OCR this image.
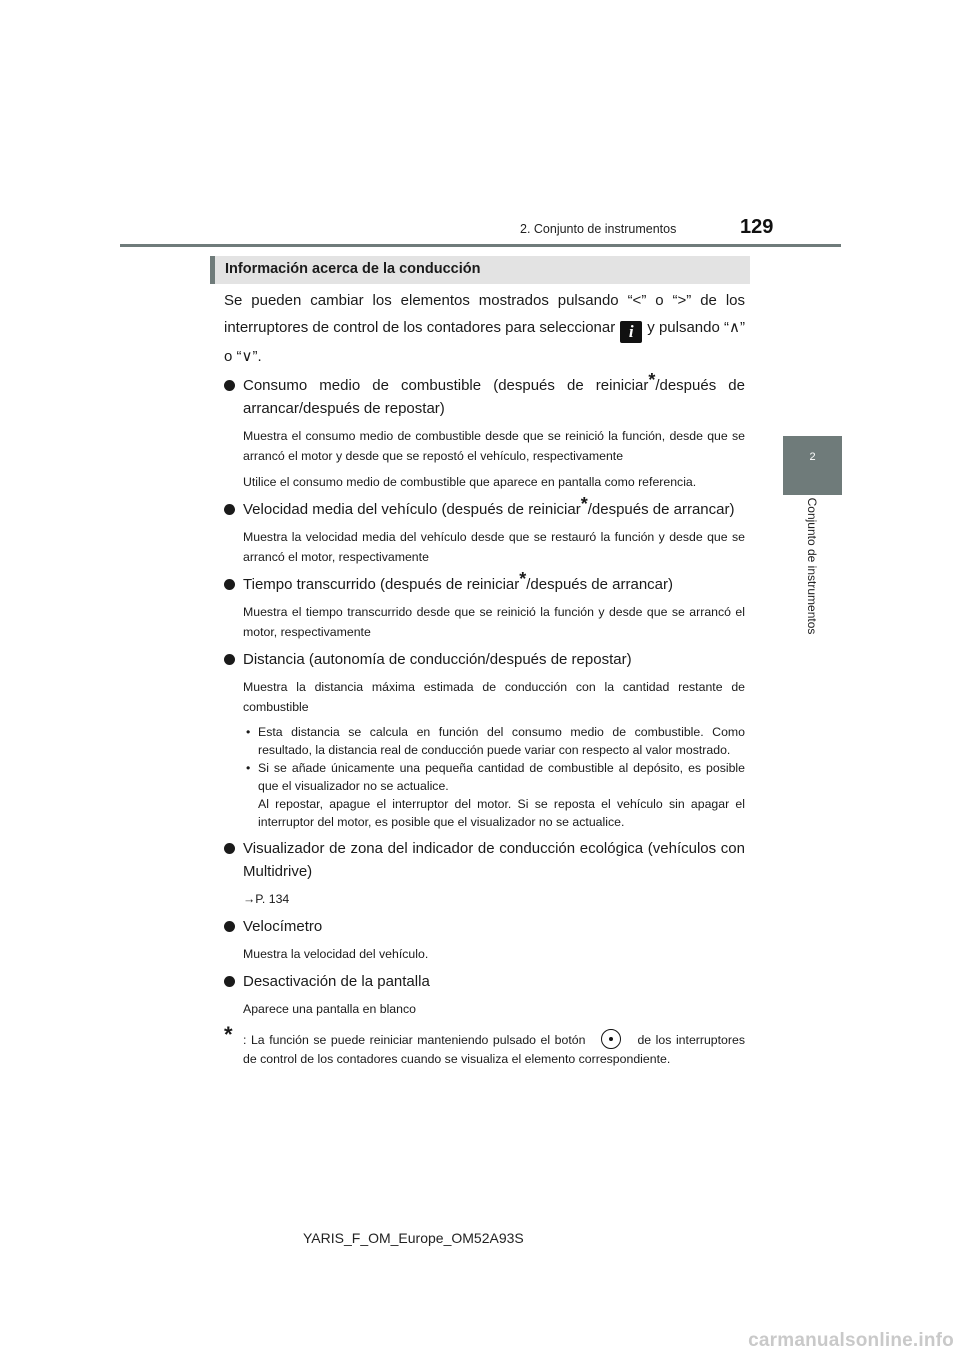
2. Conjunto de instrumentos	129
2
Conjunto de instrumentos
Información acerca de la conducción

Se pueden cambiar los elementos mostrados pulsando “<” o “>” de los interruptores de control de los contadores para seleccionar i y pulsando “∧” o “∨”.

Consumo medio de combustible (después de reiniciar*/después de arrancar/después de repostar)
Muestra el consumo medio de combustible desde que se reinició la función, desde que se arrancó el motor y desde que se repostó el vehículo, respectivamente
Utilice el consumo medio de combustible que aparece en pantalla como referencia.
Velocidad media del vehículo (después de reiniciar*/después de arrancar)
Muestra la velocidad media del vehículo desde que se restauró la función y desde que se arrancó el motor, respectivamente
Tiempo transcurrido (después de reiniciar*/después de arrancar)
Muestra el tiempo transcurrido desde que se reinició la función y desde que se arrancó el motor, respectivamente
Distancia (autonomía de conducción/después de repostar)
Muestra la distancia máxima estimada de conducción con la cantidad restante de combustible
• Esta distancia se calcula en función del consumo medio de combustible. Como resultado, la distancia real de conducción puede variar con respecto al valor mostrado.
• Si se añade únicamente una pequeña cantidad de combustible al depósito, es posible que el visualizador no se actualice.
Al repostar, apague el interruptor del motor. Si se reposta el vehículo sin apagar el interruptor del motor, es posible que el visualizador no se actualice.
Visualizador de zona del indicador de conducción ecológica (vehículos con Multidrive)
→P. 134
Velocímetro
Muestra la velocidad del vehículo.
Desactivación de la pantalla
Aparece una pantalla en blanco
* : La función se puede reiniciar manteniendo pulsado el botón	de los interruptores de control de los contadores cuando se visualiza el elemento correspondiente.
YARIS_F_OM_Europe_OM52A93S
carmanualsonline.info
